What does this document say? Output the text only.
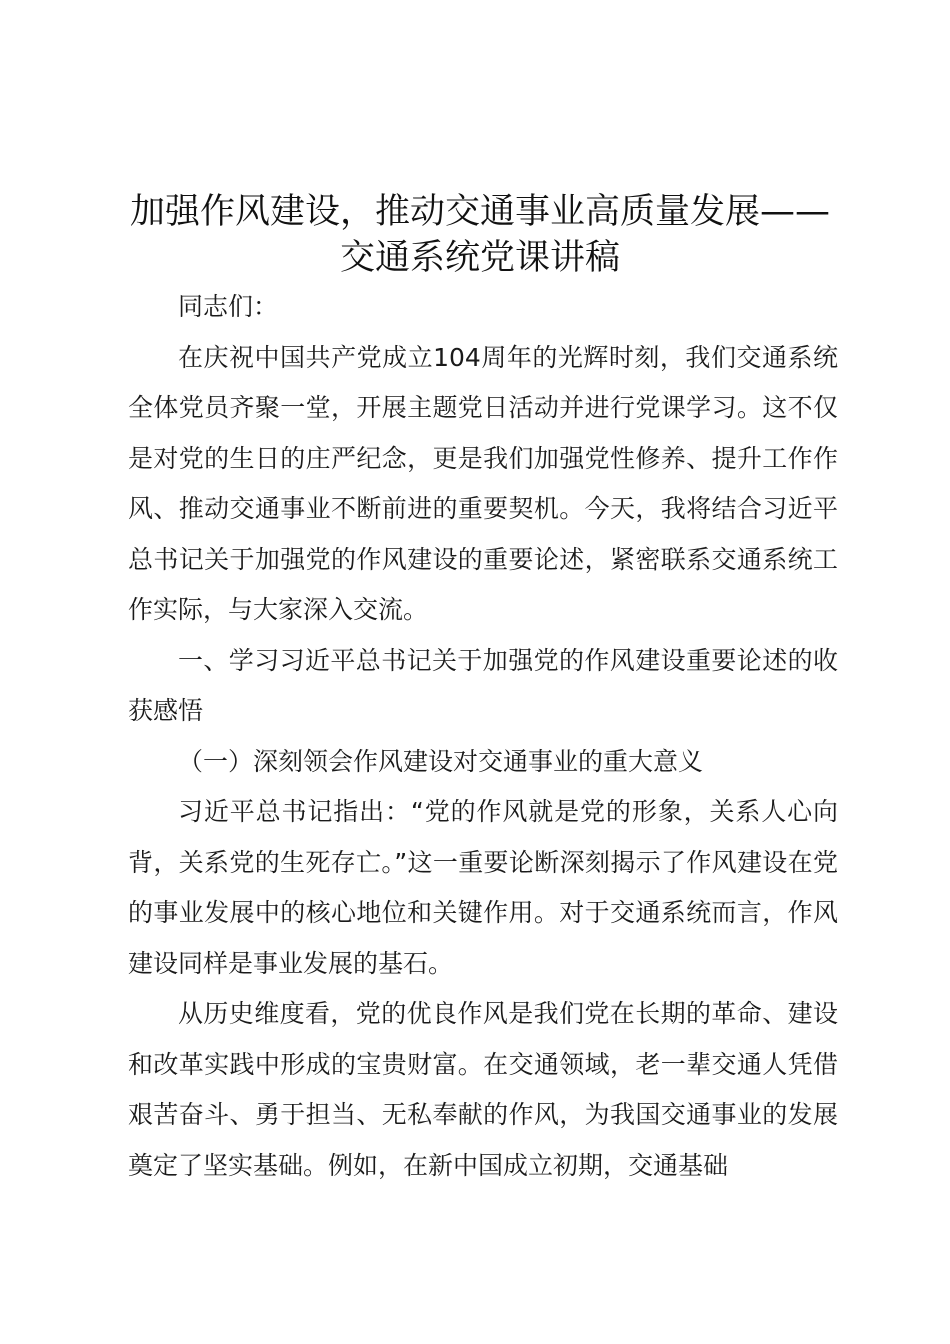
加强作风建设，推动交通事业高质量发展——
交通系统党课讲稿

同志们：

在庆祝中国共产党成立104周年的光辉时刻，我们交通系统全体党员齐聚一堂，开展主题党日活动并进行党课学习。这不仅是对党的生日的庄严纪念，更是我们加强党性修养、提升工作作风、推动交通事业不断前进的重要契机。今天，我将结合习近平总书记关于加强党的作风建设的重要论述，紧密联系交通系统工作实际，与大家深入交流。

一、学习习近平总书记关于加强党的作风建设重要论述的收获感悟

（一）深刻领会作风建设对交通事业的重大意义

习近平总书记指出：“党的作风就是党的形象，关系人心向背，关系党的生死存亡。”这一重要论断深刻揭示了作风建设在党的事业发展中的核心地位和关键作用。对于交通系统而言，作风建设同样是事业发展的基石。

从历史维度看，党的优良作风是我们党在长期的革命、建设和改革实践中形成的宝贵财富。在交通领域，老一辈交通人凭借艰苦奋斗、勇于担当、无私奉献的作风，为我国交通事业的发展奠定了坚实基础。例如，在新中国成立初期，交通基础
